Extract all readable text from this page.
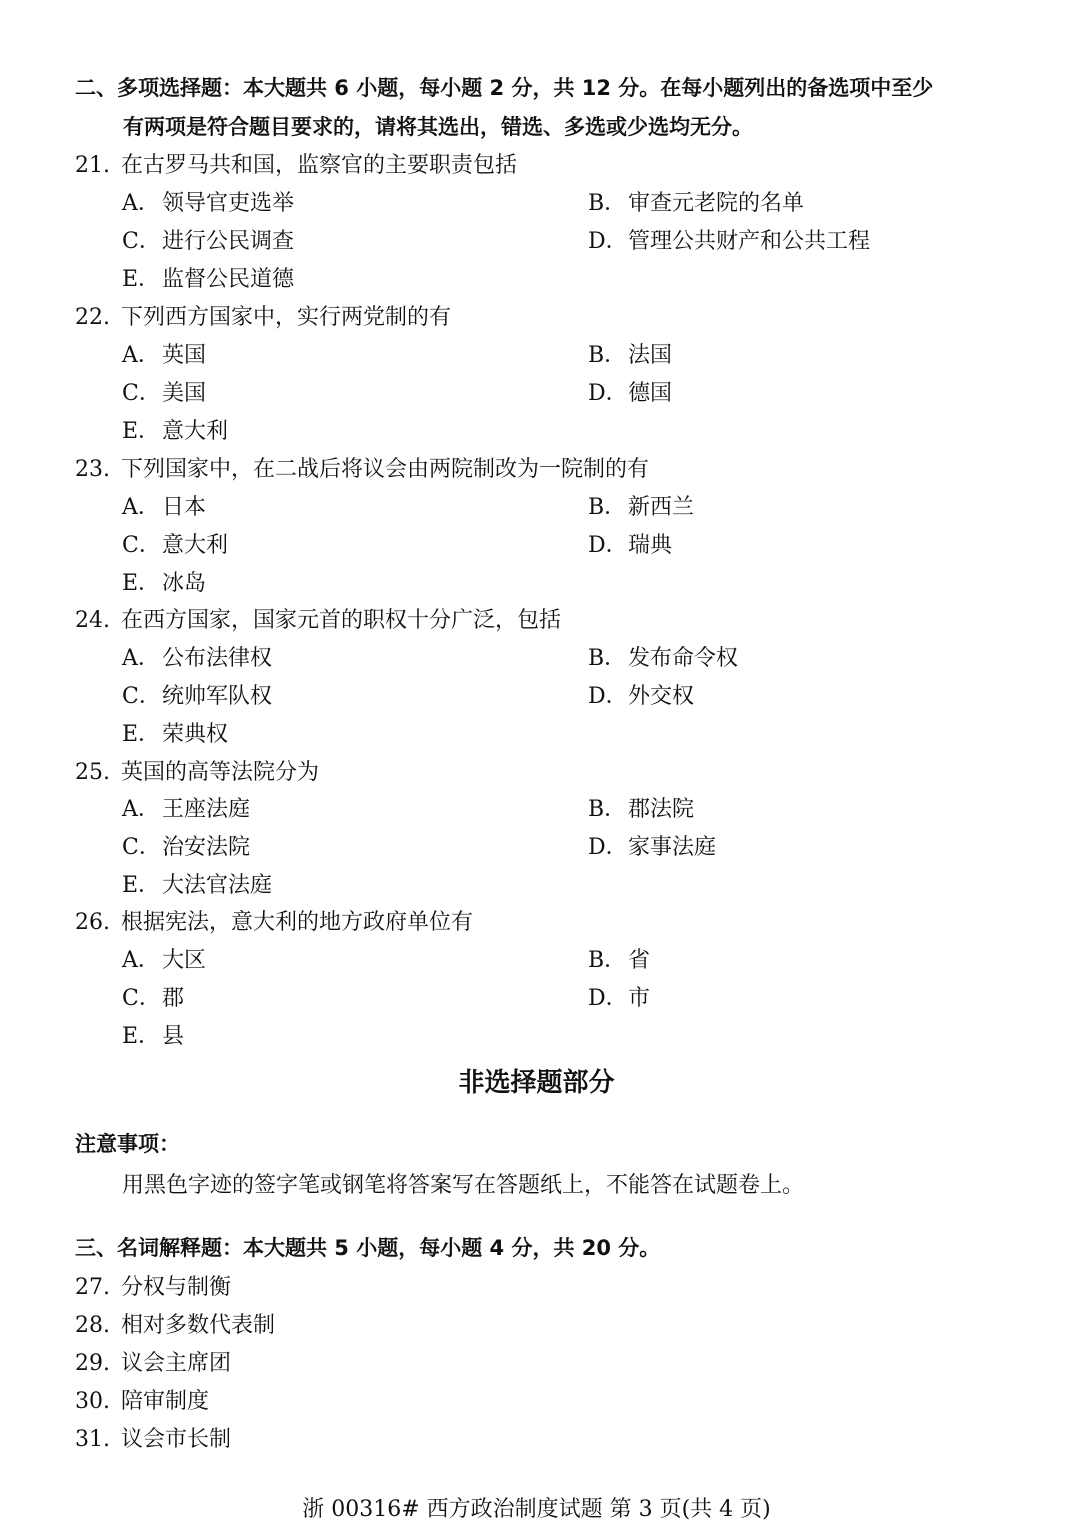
二、多项选择题：本大题共 6 小题，每小题 2 分，共 12 分。在每小题列出的备选项中至少
有两项是符合题目要求的，请将其选出，错选、多选或少选均无分。
21. 在古罗马共和国，监察官的主要职责包括
A．领导官吏选举	B．审查元老院的名单
C．进行公民调查	D．管理公共财产和公共工程
E．监督公民道德
22. 下列西方国家中，实行两党制的有
A．英国	B．法国
C．美国	D．德国
E．意大利
23. 下列国家中，在二战后将议会由两院制改为一院制的有
A．日本	B．新西兰
C．意大利	D．瑞典
E．冰岛
24. 在西方国家，国家元首的职权十分广泛，包括
A．公布法律权	B．发布命令权
C．统帅军队权	D．外交权
E．荣典权
25. 英国的高等法院分为
A．王座法庭	B．郡法院
C．治安法院	D．家事法庭
E．大法官法庭
26. 根据宪法，意大利的地方政府单位有
A．大区	B．省
C．郡	D．市
E．县
非选择题部分
注意事项：
用黑色字迹的签字笔或钢笔将答案写在答题纸上，不能答在试题卷上。
三、名词解释题：本大题共 5 小题，每小题 4 分，共 20 分。
27. 分权与制衡
28. 相对多数代表制
29. 议会主席团
30. 陪审制度
31. 议会市长制
浙 00316# 西方政治制度试题 第 3 页(共 4 页)
